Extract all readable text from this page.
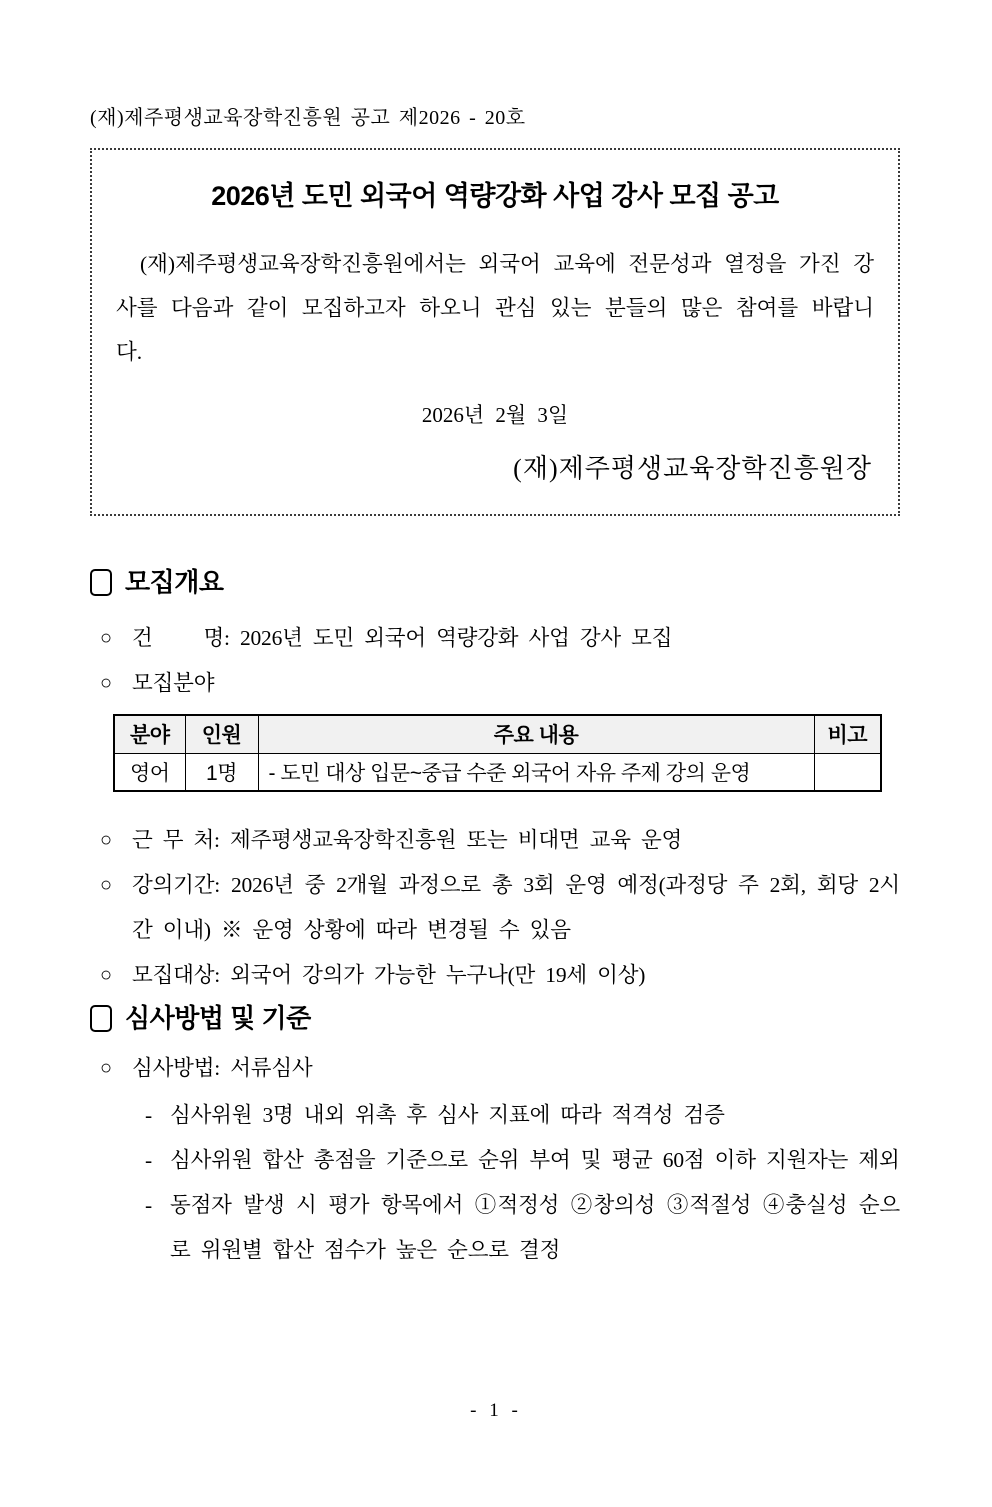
(재)제주평생교육장학진흥원 공고 제2026 - 20호
2026년 도민 외국어 역량강화 사업 강사 모집 공고
(재)제주평생교육장학진흥원에서는 외국어 교육에 전문성과 열정을 가진 강사를 다음과 같이 모집하고자 하오니 관심 있는 분들의 많은 참여를 바랍니다.
2026년 2월 3일
(재)제주평생교육장학진흥원장
모집개요
○ 건     명: 2026년 도민 외국어 역량강화 사업 강사 모집
○ 모집분야
분야	인원	주요 내용	비고
영어	1명	- 도민 대상 입문~중급 수준 외국어 자유 주제 강의 운영	
○ 근 무 처: 제주평생교육장학진흥원 또는 비대면 교육 운영
○ 강의기간: 2026년 중 2개월 과정으로 총 3회 운영 예정(과정당 주 2회, 회당 2시간 이내) ※ 운영 상황에 따라 변경될 수 있음
○ 모집대상: 외국어 강의가 가능한 누구나(만 19세 이상)
심사방법 및 기준
○ 심사방법: 서류심사
- 심사위원 3명 내외 위촉 후 심사 지표에 따라 적격성 검증
- 심사위원 합산 총점을 기준으로 순위 부여 및 평균 60점 이하 지원자는 제외
- 동점자 발생 시 평가 항목에서 ①적정성 ②창의성 ③적절성 ④충실성 순으로 위원별 합산 점수가 높은 순으로 결정
- 1 -
